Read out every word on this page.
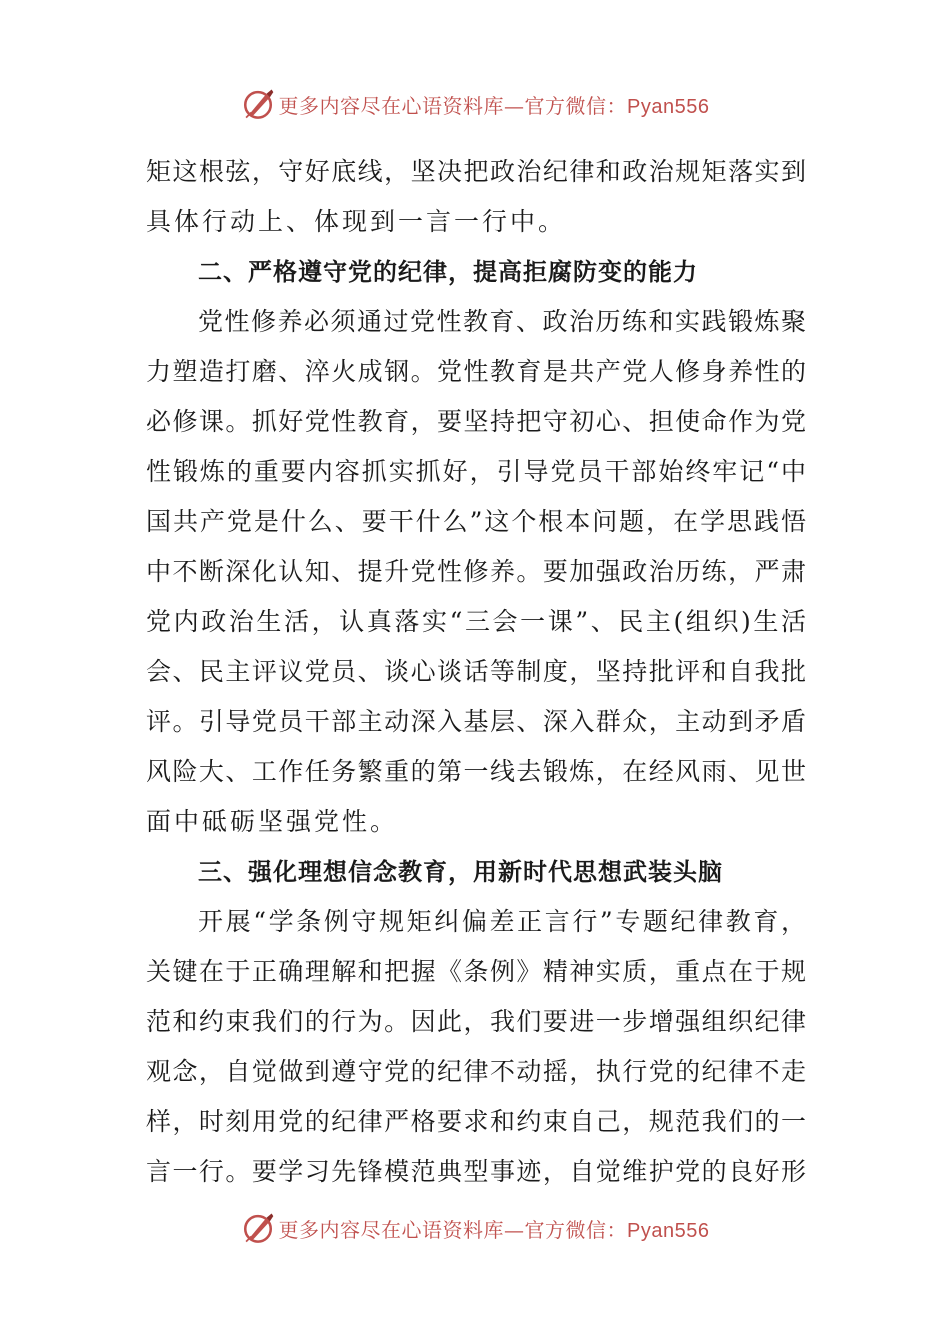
更多内容尽在心语资料库—官方微信：Pyan556
矩这根弦，守好底线，坚决把政治纪律和政治规矩落实到
具体行动上、体现到一言一行中。
二、严格遵守党的纪律，提高拒腐防变的能力
党性修养必须通过党性教育、政治历练和实践锻炼聚
力塑造打磨、淬火成钢。党性教育是共产党人修身养性的
必修课。抓好党性教育，要坚持把守初心、担使命作为党
性锻炼的重要内容抓实抓好，引导党员干部始终牢记“中
国共产党是什么、要干什么”这个根本问题，在学思践悟
中不断深化认知、提升党性修养。要加强政治历练，严肃
党内政治生活，认真落实“三会一课”、民主(组织)生活
会、民主评议党员、谈心谈话等制度，坚持批评和自我批
评。引导党员干部主动深入基层、深入群众，主动到矛盾
风险大、工作任务繁重的第一线去锻炼，在经风雨、见世
面中砥砺坚强党性。
三、强化理想信念教育，用新时代思想武装头脑
开展“学条例守规矩纠偏差正言行”专题纪律教育，
关键在于正确理解和把握《条例》精神实质，重点在于规
范和约束我们的行为。因此，我们要进一步增强组织纪律
观念，自觉做到遵守党的纪律不动摇，执行党的纪律不走
样，时刻用党的纪律严格要求和约束自己，规范我们的一
言一行。要学习先锋模范典型事迹，自觉维护党的良好形
更多内容尽在心语资料库—官方微信：Pyan556
